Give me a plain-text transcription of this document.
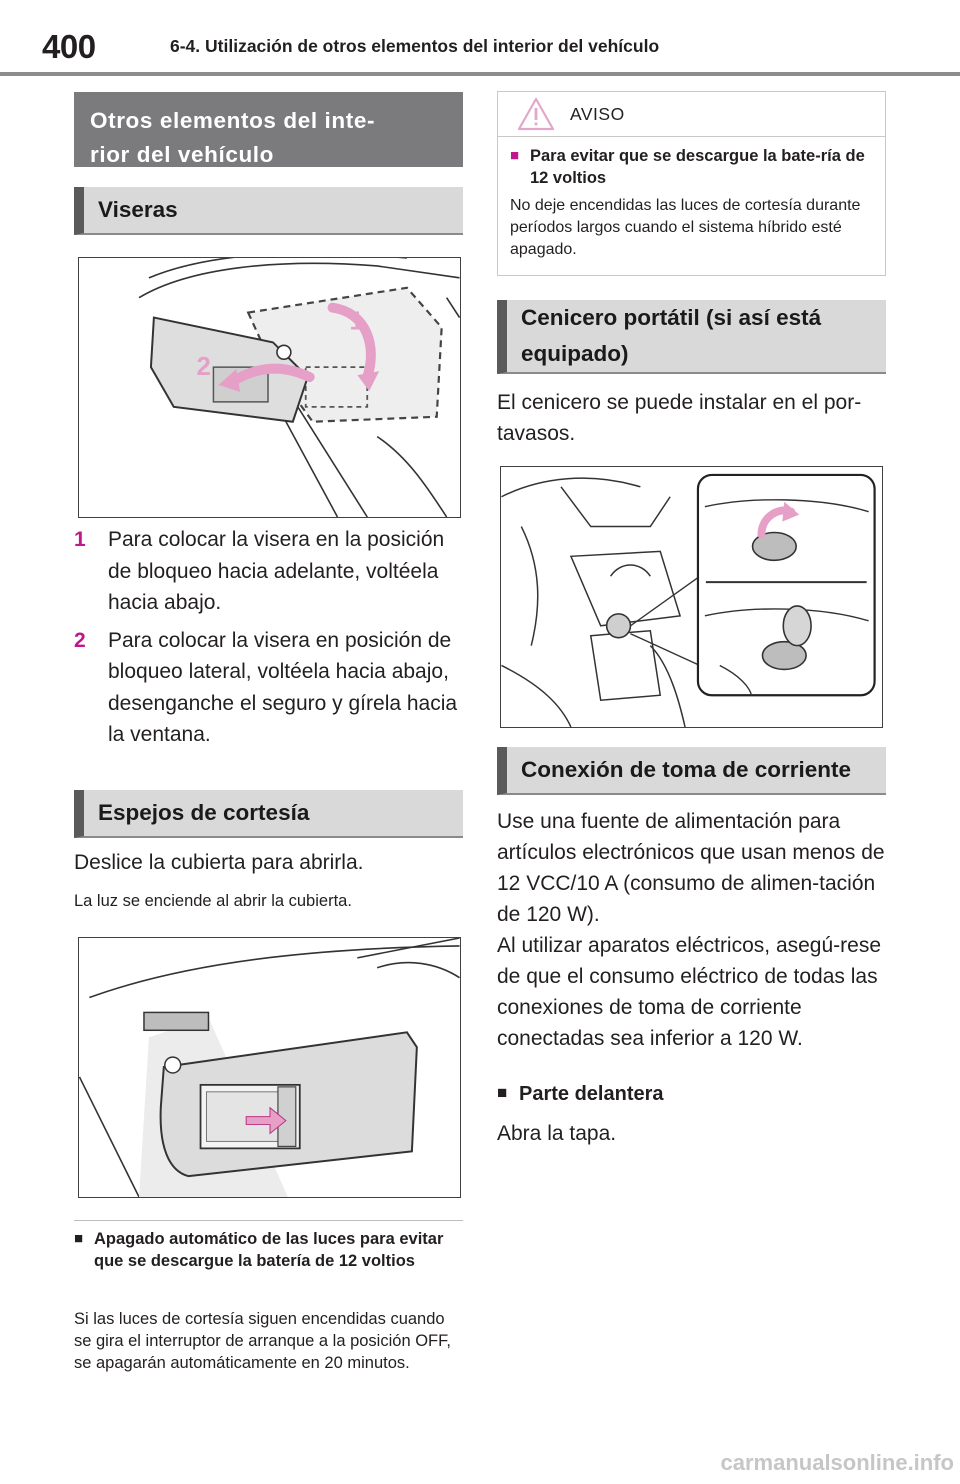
400	6-4. Utilización de otros elementos del interior del vehículo
Otros elementos del inte-
rior del vehículo
Viseras
1
2
1	Para colocar la visera en la posición de bloqueo hacia adelante, voltéela hacia abajo.
2	Para colocar la visera en posición de bloqueo lateral, voltéela hacia abajo, desenganche el seguro y gírela hacia la ventana.
Espejos de cortesía
Deslice la cubierta para abrirla.
La luz se enciende al abrir la cubierta.
■ Apagado automático de las luces para evitar que se descargue la batería de 12 voltios
Si las luces de cortesía siguen encendidas cuando se gira el interruptor de arranque a la posición OFF, se apagarán automáticamente en 20 minutos.
AVISO
■ Para evitar que se descargue la bate-ría de 12 voltios
No deje encendidas las luces de cortesía durante períodos largos cuando el sistema híbrido esté apagado.
Cenicero portátil (si así está equipado)
El cenicero se puede instalar en el por-tavasos.
Conexión de toma de corriente
Use una fuente de alimentación para artículos electrónicos que usan menos de 12 VCC/10 A (consumo de alimen-tación de 120 W).
Al utilizar aparatos eléctricos, asegú-rese de que el consumo eléctrico de todas las conexiones de toma de corriente conectadas sea inferior a 120 W.
■ Parte delantera
Abra la tapa.
carmanualsonline.info
